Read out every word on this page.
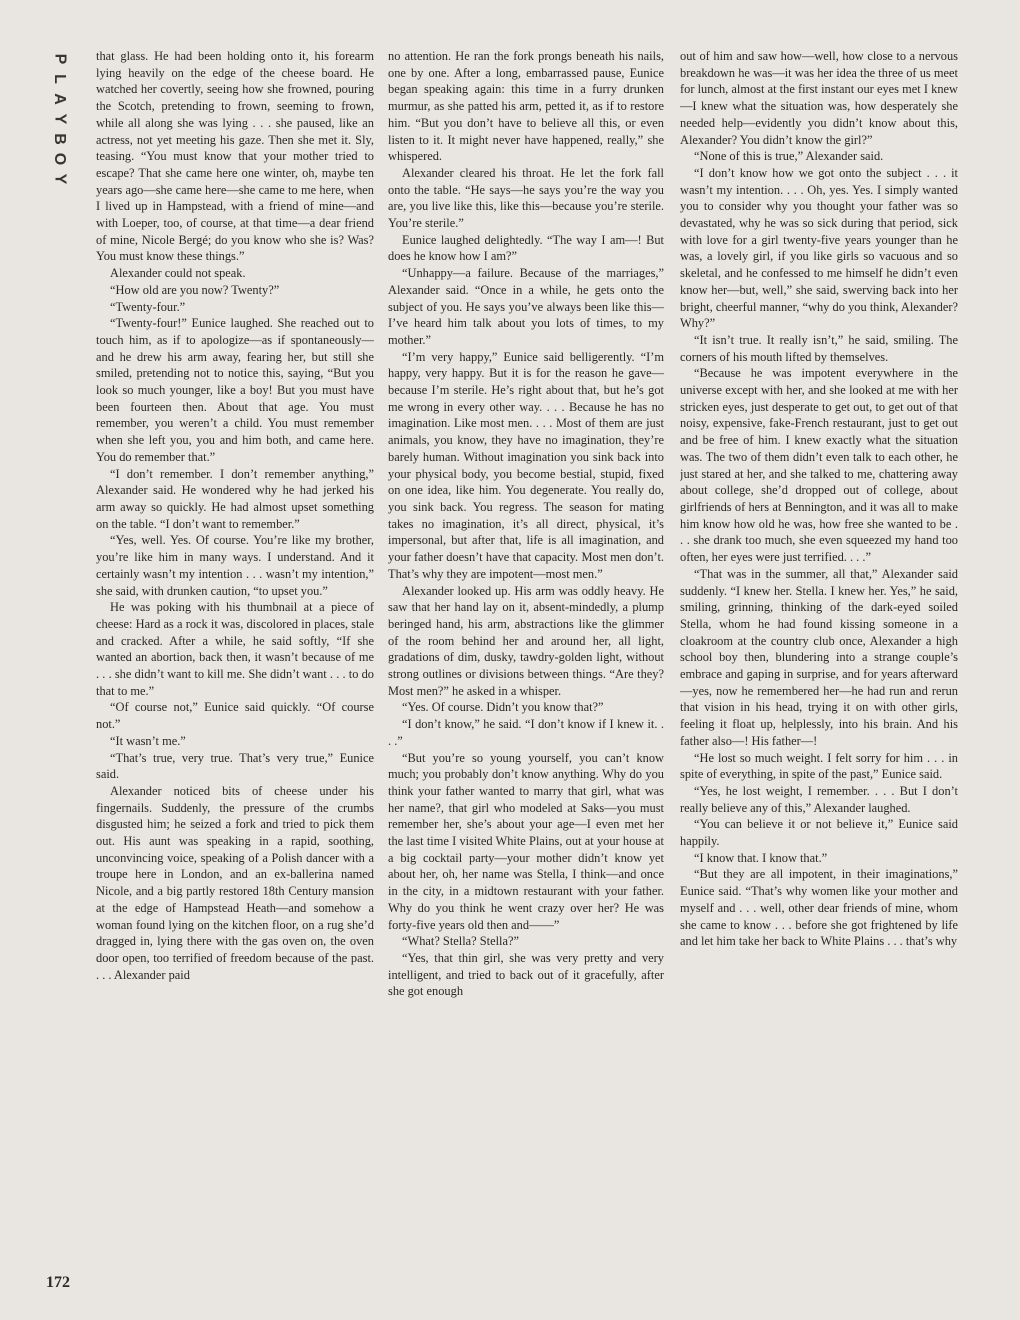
P
L
A
Y
B
O
Y

that glass. He had been holding onto it, his forearm lying heavily on the edge of the cheese board. He watched her covertly, seeing how she frowned, pouring the Scotch, pretending to frown, seeming to frown, while all along she was lying . . . she paused, like an actress, not yet meeting his gaze. Then she met it. Sly, teasing. “You must know that your mother tried to escape? That she came here one winter, oh, maybe ten years ago—she came here—she came to me here, when I lived up in Hampstead, with a friend of mine—and with Loeper, too, of course, at that time—a dear friend of mine, Nicole Bergé; do you know who she is? Was? You must know these things.”

Alexander could not speak.

“How old are you now? Twenty?”

“Twenty-four.”

“Twenty-four!” Eunice laughed. She reached out to touch him, as if to apologize—as if spontaneously—and he drew his arm away, fearing her, but still she smiled, pretending not to notice this, saying, “But you look so much younger, like a boy! But you must have been fourteen then. About that age. You must remember, you weren’t a child. You must remember when she left you, you and him both, and came here. You do remember that.”

“I don’t remember. I don’t remember anything,” Alexander said. He wondered why he had jerked his arm away so quickly. He had almost upset something on the table. “I don’t want to remember.”

“Yes, well. Yes. Of course. You’re like my brother, you’re like him in many ways. I understand. And it certainly wasn’t my intention . . . wasn’t my intention,” she said, with drunken caution, “to upset you.”

He was poking with his thumbnail at a piece of cheese: Hard as a rock it was, discolored in places, stale and cracked. After a while, he said softly, “If she wanted an abortion, back then, it wasn’t because of me . . . she didn’t want to kill me. She didn’t want . . . to do that to me.”

“Of course not,” Eunice said quickly. “Of course not.”

“It wasn’t me.”

“That’s true, very true. That’s very true,” Eunice said.

Alexander noticed bits of cheese under his fingernails. Suddenly, the pressure of the crumbs disgusted him; he seized a fork and tried to pick them out. His aunt was speaking in a rapid, soothing, unconvincing voice, speaking of a Polish dancer with a troupe here in London, and an ex-ballerina named Nicole, and a big partly restored 18th Century mansion at the edge of Hampstead Heath—and somehow a woman found lying on the kitchen floor, on a rug she’d dragged in, lying there with the gas oven on, the oven door open, too terrified of freedom because of the past. . . . Alexander paid

no attention. He ran the fork prongs beneath his nails, one by one. After a long, embarrassed pause, Eunice began speaking again: this time in a furry drunken murmur, as she patted his arm, petted it, as if to restore him. “But you don’t have to believe all this, or even listen to it. It might never have happened, really,” she whispered.

Alexander cleared his throat. He let the fork fall onto the table. “He says—he says you’re the way you are, you live like this, like this—because you’re sterile. You’re sterile.”

Eunice laughed delightedly. “The way I am—! But does he know how I am?”

“Unhappy—a failure. Because of the marriages,” Alexander said. “Once in a while, he gets onto the subject of you. He says you’ve always been like this—I’ve heard him talk about you lots of times, to my mother.”

“I’m very happy,” Eunice said belligerently. “I’m happy, very happy. But it is for the reason he gave—because I’m sterile. He’s right about that, but he’s got me wrong in every other way. . . . Because he has no imagination. Like most men. . . . Most of them are just animals, you know, they have no imagination, they’re barely human. Without imagination you sink back into your physical body, you become bestial, stupid, fixed on one idea, like him. You degenerate. You really do, you sink back. You regress. The season for mating takes no imagination, it’s all direct, physical, it’s impersonal, but after that, life is all imagination, and your father doesn’t have that capacity. Most men don’t. That’s why they are impotent—most men.”

Alexander looked up. His arm was oddly heavy. He saw that her hand lay on it, absent-mindedly, a plump beringed hand, his arm, abstractions like the glimmer of the room behind her and around her, all light, gradations of dim, dusky, tawdry-golden light, without strong outlines or divisions between things. “Are they? Most men?” he asked in a whisper.

“Yes. Of course. Didn’t you know that?”

“I don’t know,” he said. “I don’t know if I knew it. . . .”

“But you’re so young yourself, you can’t know much; you probably don’t know anything. Why do you think your father wanted to marry that girl, what was her name?, that girl who modeled at Saks—you must remember her, she’s about your age—I even met her the last time I visited White Plains, out at your house at a big cocktail party—your mother didn’t know yet about her, oh, her name was Stella, I think—and once in the city, in a midtown restaurant with your father. Why do you think he went crazy over her? He was forty-five years old then and——”

“What? Stella? Stella?”

“Yes, that thin girl, she was very pretty and very intelligent, and tried to back out of it gracefully, after she got enough

out of him and saw how—well, how close to a nervous breakdown he was—it was her idea the three of us meet for lunch, almost at the first instant our eyes met I knew—I knew what the situation was, how desperately she needed help—evidently you didn’t know about this, Alexander? You didn’t know the girl?”

“None of this is true,” Alexander said.

“I don’t know how we got onto the subject . . . it wasn’t my intention. . . . Oh, yes. Yes. I simply wanted you to consider why you thought your father was so devastated, why he was so sick during that period, sick with love for a girl twenty-five years younger than he was, a lovely girl, if you like girls so vacuous and so skeletal, and he confessed to me himself he didn’t even know her—but, well,” she said, swerving back into her bright, cheerful manner, “why do you think, Alexander? Why?”

“It isn’t true. It really isn’t,” he said, smiling. The corners of his mouth lifted by themselves.

“Because he was impotent everywhere in the universe except with her, and she looked at me with her stricken eyes, just desperate to get out, to get out of that noisy, expensive, fake-French restaurant, just to get out and be free of him. I knew exactly what the situation was. The two of them didn’t even talk to each other, he just stared at her, and she talked to me, chattering away about college, she’d dropped out of college, about girlfriends of hers at Bennington, and it was all to make him know how old he was, how free she wanted to be . . . she drank too much, she even squeezed my hand too often, her eyes were just terrified. . . .”

“That was in the summer, all that,” Alexander said suddenly. “I knew her. Stella. I knew her. Yes,” he said, smiling, grinning, thinking of the dark-eyed soiled Stella, whom he had found kissing someone in a cloakroom at the country club once, Alexander a high school boy then, blundering into a strange couple’s embrace and gaping in surprise, and for years afterward—yes, now he remembered her—he had run and rerun that vision in his head, trying it on with other girls, feeling it float up, helplessly, into his brain. And his father also—! His father—!

“He lost so much weight. I felt sorry for him . . . in spite of everything, in spite of the past,” Eunice said.

“Yes, he lost weight, I remember. . . . But I don’t really believe any of this,” Alexander laughed.

“You can believe it or not believe it,” Eunice said happily.

“I know that. I know that.”

“But they are all impotent, in their imaginations,” Eunice said. “That’s why women like your mother and myself and . . . well, other dear friends of mine, whom she came to know . . . before she got frightened by life and let him take her back to White Plains . . . that’s why

172
